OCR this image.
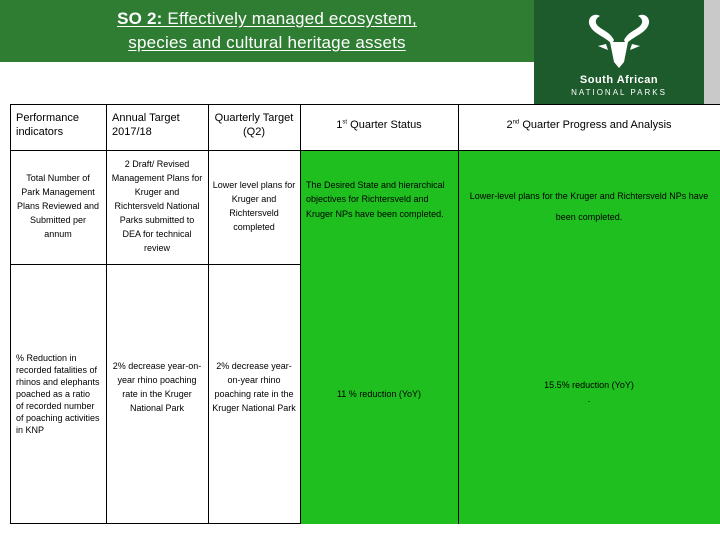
SO 2: Effectively managed ecosystem,
species and cultural heritage assets
South African
NATIONAL PARKS
Performance indicators
Annual Target 2017/18
Quarterly Target (Q2)
1st Quarter Status	2nd Quarter Progress and Analysis
Total Number of Park Management Plans Reviewed and Submitted per annum
2 Draft/ Revised Management Plans for Kruger and Richtersveld National Parks submitted to DEA for technical review
Lower level plans for Kruger and Richtersveld completed
The Desired State and hierarchical objectives for Richtersveld and Kruger NPs have been completed.
Lower-level plans for the Kruger and Richtersveld NPs have been completed.
% Reduction in recorded fatalities of rhinos and elephants poached as a ratio of recorded number of poaching activities in KNP
2% decrease year-on-year rhino poaching rate in the Kruger National Park
2% decrease year-on-year rhino poaching rate in the Kruger National Park
11 % reduction (YoY)
15.5% reduction (YoY)
.
